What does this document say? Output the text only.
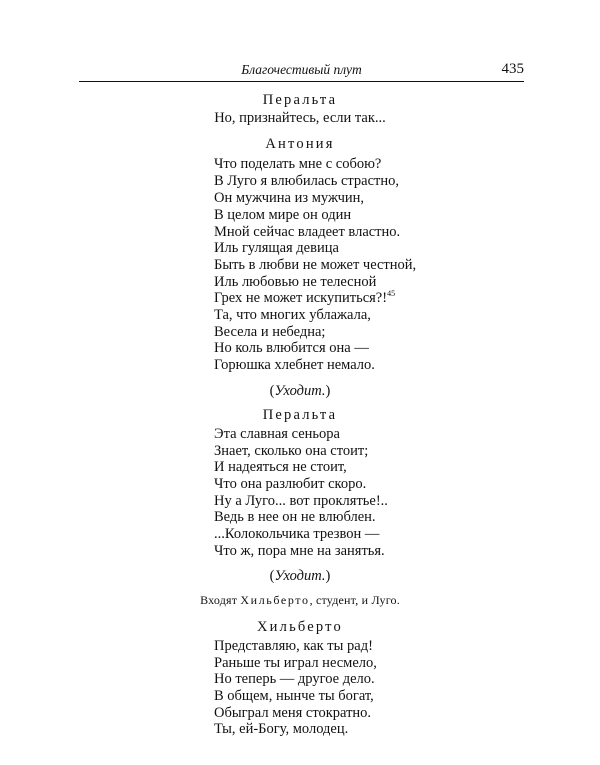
Благочестивый плут	435
Перальта
Но, признайтесь, если так...
Антония
Что поделать мне с собою?
В Луго я влюбилась страстно,
Он мужчина из мужчин,
В целом мире он один
Мной сейчас владеет властно.
Иль гулящая девица
Быть в любви не может честной,
Иль любовью не телесной
Грех не может искупиться?!$^{45}$
Та, что многих ублажала,
Весела и небедна;
Но коль влюбится она —
Горюшка хлебнет немало.
(Уходит.)
Перальта
Эта славная сеньора
Знает, сколько она стоит;
И надеяться не стоит,
Что она разлюбит скоро.
Ну а Луго... вот проклятье!..
Ведь в нее он не влюблен.
...Колокольчика трезвон —
Что ж, пора мне на занятья.
(Уходит.)
Входят Хильберто, студент, и Луго.
Хильберто
Представляю, как ты рад!
Раньше ты играл несмело,
Но теперь — другое дело.
В общем, нынче ты богат,
Обыграл меня стократно.
Ты, ей-Богу, молодец.
